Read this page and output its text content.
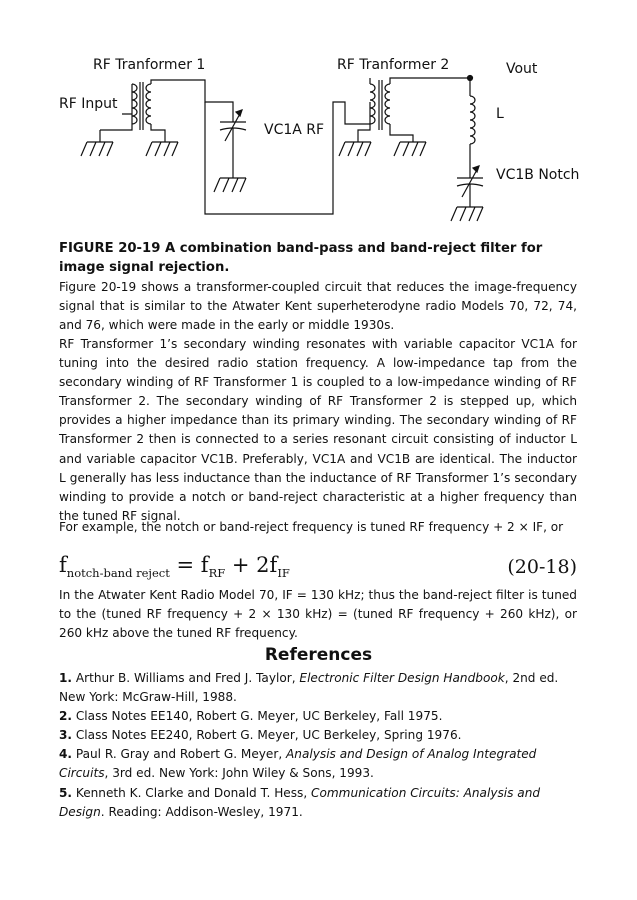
RF Tranformer 1	RF Tranformer 2	Vout
RF Input
VC1A RF
L
VC1B Notch
FIGURE 20-19 A combination band-pass and band-reject filter for image signal rejection.
Figure 20-19 shows a transformer-coupled circuit that reduces the image-frequency signal that is similar to the Atwater Kent superheterodyne radio Models 70, 72, 74, and 76, which were made in the early or middle 1930s.
RF Transformer 1’s secondary winding resonates with variable capacitor VC1A for tuning into the desired radio station frequency. A low-impedance tap from the secondary winding of RF Transformer 1 is coupled to a low-impedance winding of RF Transformer 2. The secondary winding of RF Transformer 2 is stepped up, which provides a higher impedance than its primary winding. The secondary winding of RF Transformer 2 then is connected to a series resonant circuit consisting of inductor L and variable capacitor VC1B. Preferably, VC1A and VC1B are identical. The inductor L generally has less inductance than the inductance of RF Transformer 1’s secondary winding to provide a notch or band-reject characteristic at a higher frequency than the tuned RF signal.
For example, the notch or band-reject frequency is tuned RF frequency + 2 × IF, or
$f_{notch-band reject} = f_{RF} + 2f_{IF}$	(20-18)
In the Atwater Kent Radio Model 70, IF = 130 kHz; thus the band-reject filter is tuned to the (tuned RF frequency + 2 × 130 kHz) = (tuned RF frequency + 260 kHz), or 260 kHz above the tuned RF frequency.
References
1. Arthur B. Williams and Fred J. Taylor, Electronic Filter Design Handbook, 2nd ed. New York: McGraw-Hill, 1988.
2. Class Notes EE140, Robert G. Meyer, UC Berkeley, Fall 1975.
3. Class Notes EE240, Robert G. Meyer, UC Berkeley, Spring 1976.
4. Paul R. Gray and Robert G. Meyer, Analysis and Design of Analog Integrated Circuits, 3rd ed. New York: John Wiley & Sons, 1993.
5. Kenneth K. Clarke and Donald T. Hess, Communication Circuits: Analysis and Design. Reading: Addison-Wesley, 1971.
